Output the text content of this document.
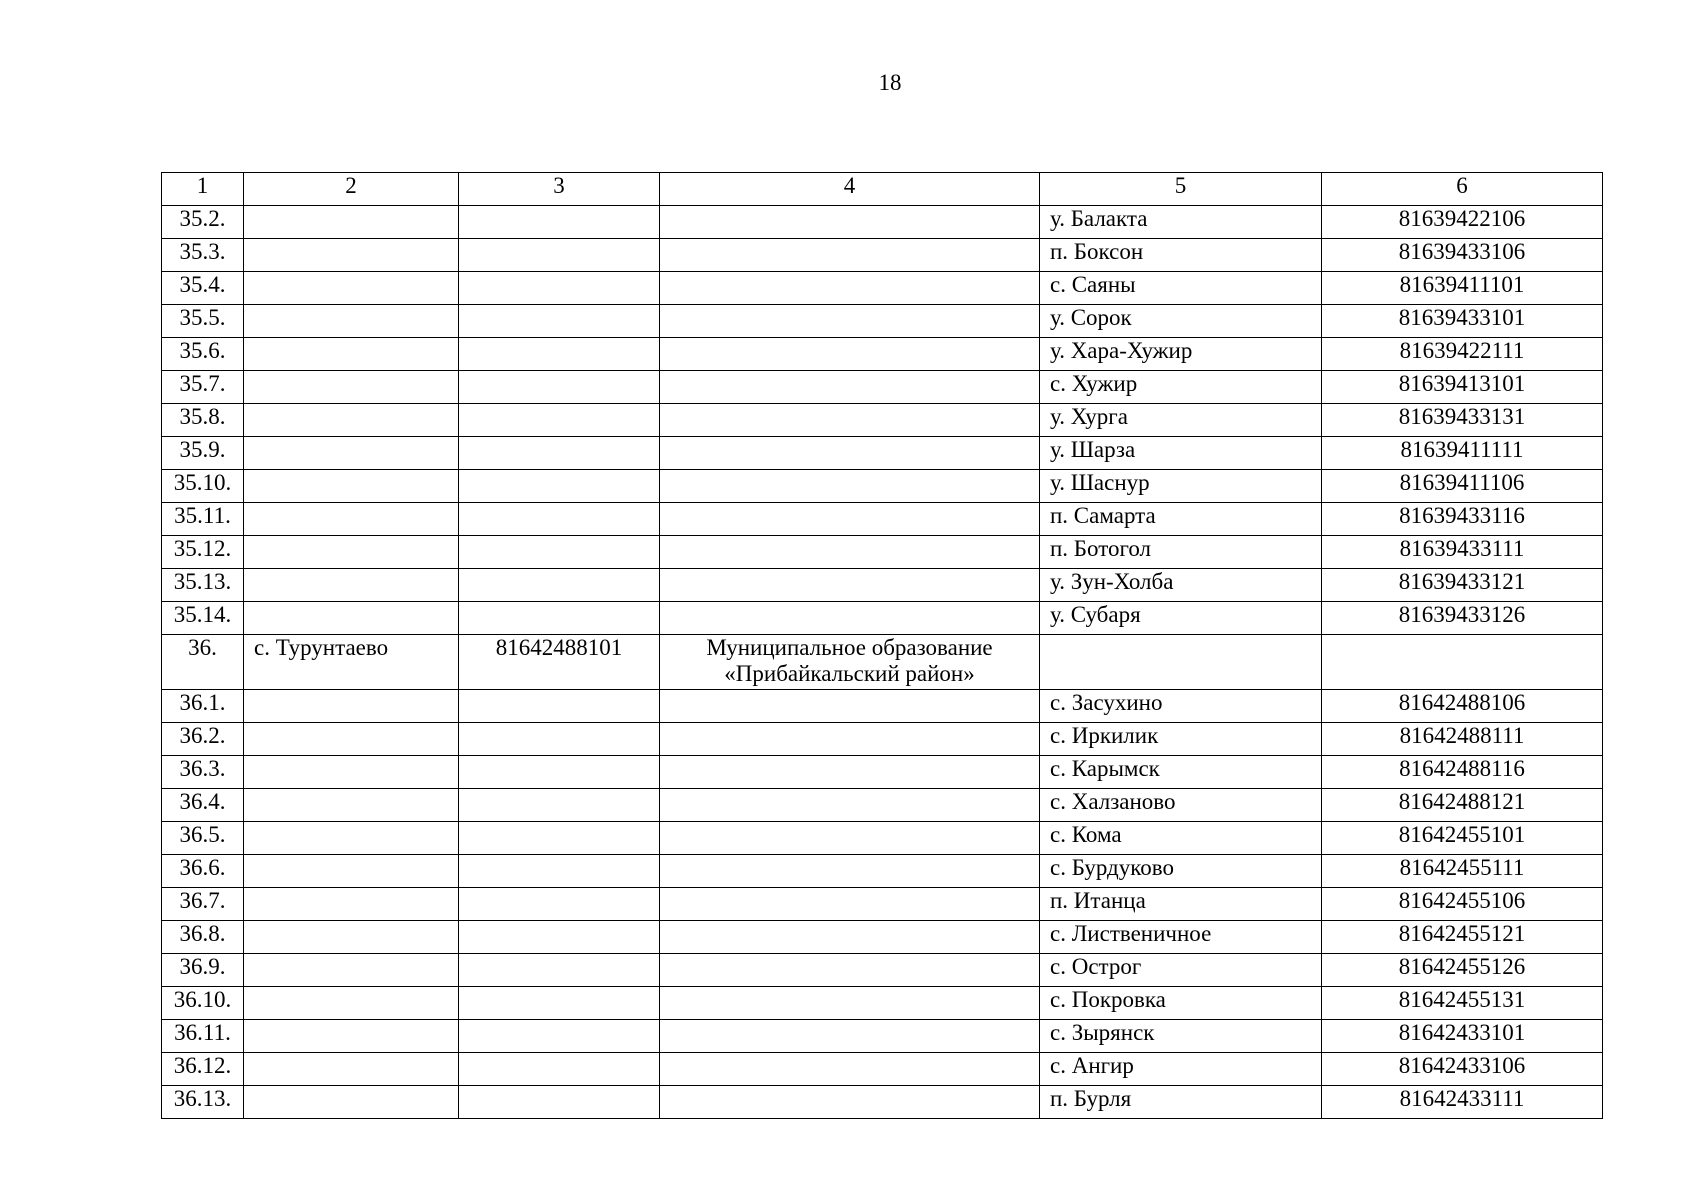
18
1	2	3	4	5	6
35.2.				у. Балакта	81639422106
35.3.				п. Боксон	81639433106
35.4.				с. Саяны	81639411101
35.5.				у. Сорок	81639433101
35.6.				у. Хара-Хужир	81639422111
35.7.				с. Хужир	81639413101
35.8.				у. Хурга	81639433131
35.9.				у. Шарза	81639411111
35.10.				у. Шаснур	81639411106
35.11.				п. Самарта	81639433116
35.12.				п. Ботогол	81639433111
35.13.				у. Зун-Холба	81639433121
35.14.				у. Субаря	81639433126
36.	с. Турунтаево	81642488101	Муниципальное образование «Прибайкальский район»		
36.1.				с. Засухино	81642488106
36.2.				с. Иркилик	81642488111
36.3.				с. Карымск	81642488116
36.4.				с. Халзаново	81642488121
36.5.				с. Кома	81642455101
36.6.				с. Бурдуково	81642455111
36.7.				п. Итанца	81642455106
36.8.				с. Лиственичное	81642455121
36.9.				с. Острог	81642455126
36.10.				с. Покровка	81642455131
36.11.				с. Зырянск	81642433101
36.12.				с. Ангир	81642433106
36.13.				п. Бурля	81642433111
